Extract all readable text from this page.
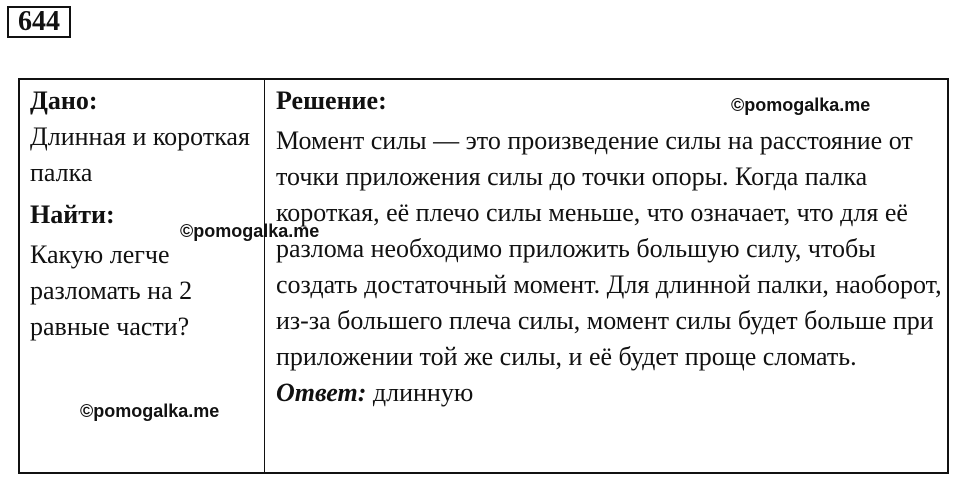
644
Дано:
Длинная и короткая палка
Найти:
Какую легче разломать на 2 равные части?
Решение:
Момент силы — это произведение силы на расстояние от точки приложения силы до точки опоры. Когда палка короткая, её плечо силы меньше, что означает, что для её разлома необходимо приложить большую силу, чтобы создать достаточный момент. Для длинной палки, наоборот, из-за большего плеча силы, момент силы будет больше при приложении той же силы, и её будет проще сломать.
Ответ: длинную
©pomogalka.me
©pomogalka.me
©pomogalka.me
